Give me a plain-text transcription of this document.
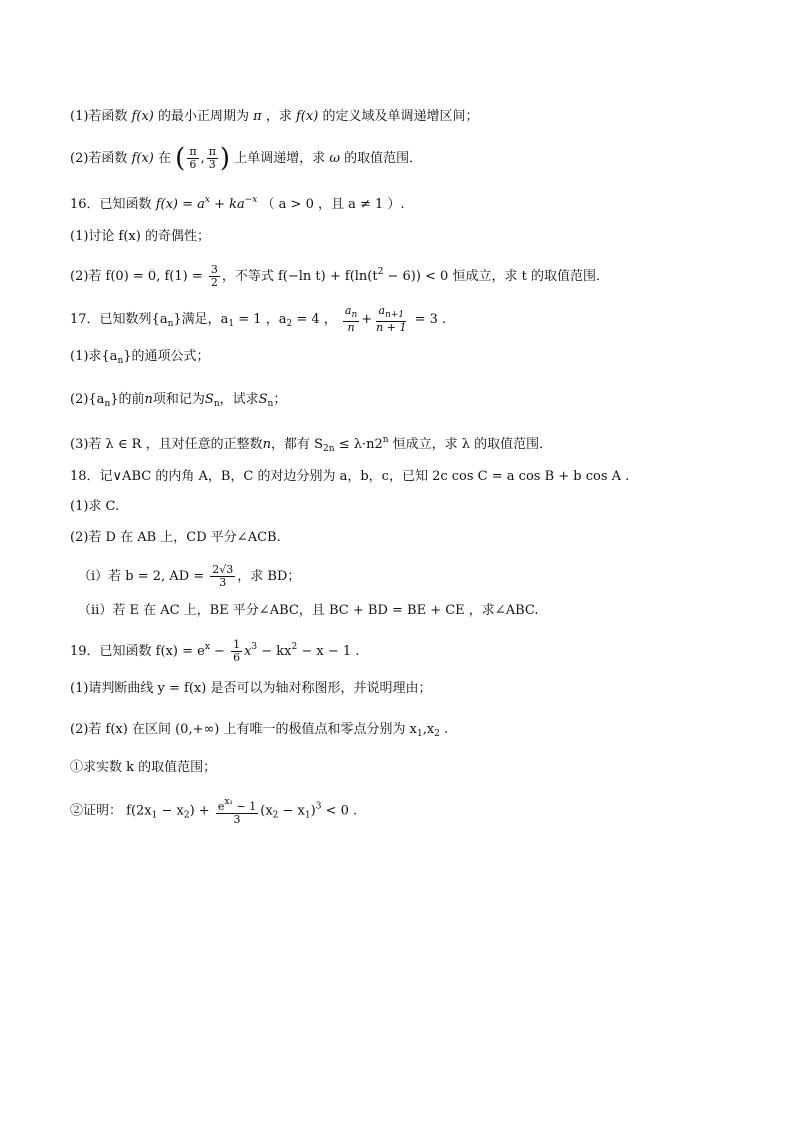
(1)若函数 f(x) 的最小正周期为 π ，求 f(x) 的定义域及单调递增区间；
(2)若函数 f(x) 在 ( $\frac{\pi}{6}$ , $\frac{\pi}{3}$ ) 上单调递增，求 ω 的取值范围．
16．已知函数 $f(x) = a^x + ka^{-x}$ （ a > 0 ，且 a ≠ 1 ）.
(1)讨论 f(x) 的奇偶性；
(2)若 f(0) = 0, $f(1) = \frac{3}{2}$ ，不等式 f(−ln $t) + f(\ln(t^2 - 6)) < 0$ 恒成立，求 t 的取值范围．
17．已知数列$\{a_n\}$满足，$a_1 = 1$ ，$a_2 = 4$ ， $\frac{a_n}{n} + \frac{a_{n+1}}{n + 1} = 3$ .
(1)求$\{a_n\}$的通项公式；
$(2)\{a_n\}$的前n项和记为$S_n$，试求$S_n$；
(3)若 λ ∈ R ，且对任意的正整数n，都有 $S_{2n} \le \lambda\cdot n2^n$ 恒成立，求 λ 的取值范围．
18．记∨ABC 的内角 A，B，C 的对边分别为 a，b，c，已知 2c cos C = a cos B + b cos A .
(1)求 C.
(2)若 D 在 AB 上，CD 平分∠ACB.
（i）若 b = 2, AD = $\frac{2√3}{3}$ ，求 BD；
（ii）若 E 在 AC 上，BE 平分∠ABC，且 BC + BD = BE + CE ，求∠ABC.
19．已知函数 $f(x) = e^x - \frac{1}{6} x^3 - kx^2 - x - 1$ .
(1)请判断曲线 y = f(x) 是否可以为轴对称图形，并说明理由；
(2)若 f(x) 在区间 (0,+∞) 上有唯一的极值点和零点分别为 $x_1,x_2$ .
①求实数 k 的取值范围；
②证明： $f(2x_1 - x_2) + \frac{e^{x_1} - 1}{3} (x_2 - x_1)^3 < 0$ .
